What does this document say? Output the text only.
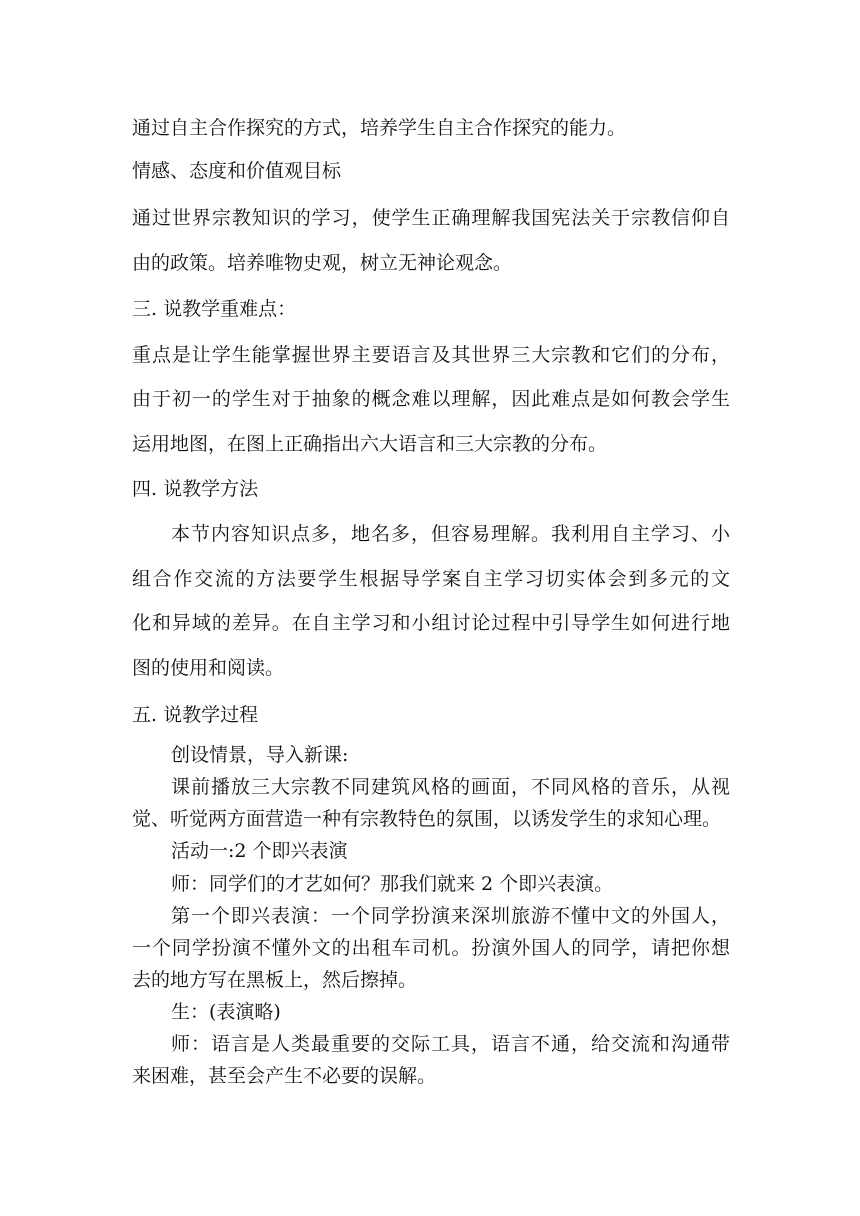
通过自主合作探究的方式，培养学生自主合作探究的能力。

情感、态度和价值观目标

通过世界宗教知识的学习，使学生正确理解我国宪法关于宗教信仰自

由的政策。培养唯物史观，树立无神论观念。

三. 说教学重难点：

重点是让学生能掌握世界主要语言及其世界三大宗教和它们的分布，

由于初一的学生对于抽象的概念难以理解，因此难点是如何教会学生

运用地图，在图上正确指出六大语言和三大宗教的分布。

四. 说教学方法

本节内容知识点多，地名多，但容易理解。我利用自主学习、小

组合作交流的方法要学生根据导学案自主学习切实体会到多元的文

化和异域的差异。在自主学习和小组讨论过程中引导学生如何进行地

图的使用和阅读。

五. 说教学过程

创设情景，导入新课:

课前播放三大宗教不同建筑风格的画面，不同风格的音乐，从视

觉、听觉两方面营造一种有宗教特色的氛围，以诱发学生的求知心理。

活动一:2 个即兴表演

师：同学们的才艺如何？那我们就来 2 个即兴表演。

第一个即兴表演：一个同学扮演来深圳旅游不懂中文的外国人，

一个同学扮演不懂外文的出租车司机。扮演外国人的同学，请把你想

去的地方写在黑板上，然后擦掉。

生：(表演略)

师：语言是人类最重要的交际工具，语言不通，给交流和沟通带

来困难，甚至会产生不必要的误解。
